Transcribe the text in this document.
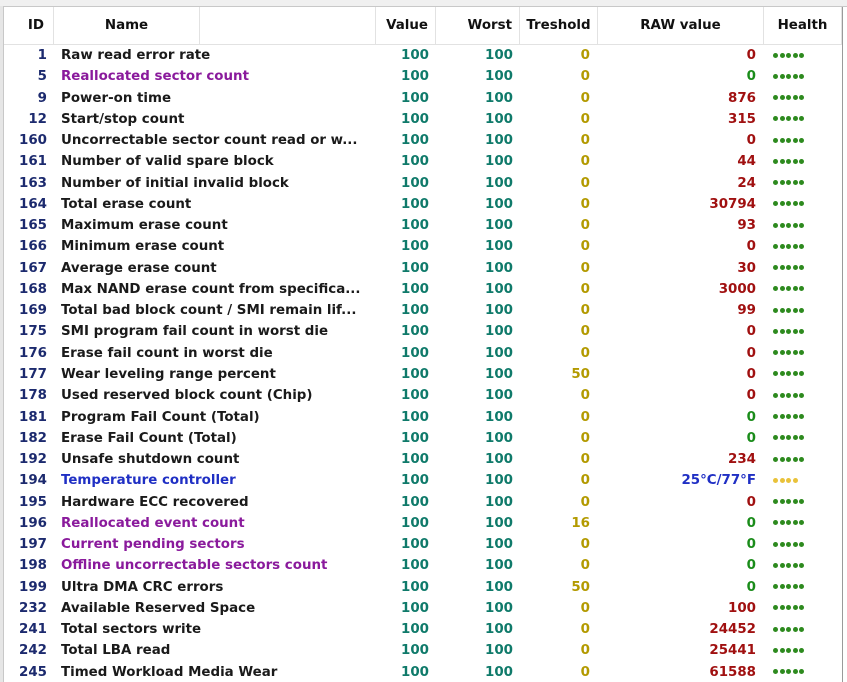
ID	Name	Value	Worst	Treshold	RAW value	Health
1	Raw read error rate	100	100	0	0
5	Reallocated sector count	100	100	0	0
9	Power-on time	100	100	0	876
12	Start/stop count	100	100	0	315
160	Uncorrectable sector count read or w...	100	100	0	0
161	Number of valid spare block	100	100	0	44
163	Number of initial invalid block	100	100	0	24
164	Total erase count	100	100	0	30794
165	Maximum erase count	100	100	0	93
166	Minimum erase count	100	100	0	0
167	Average erase count	100	100	0	30
168	Max NAND erase count from specifica...	100	100	0	3000
169	Total bad block count / SMI remain lif...	100	100	0	99
175	SMI program fail count in worst die	100	100	0	0
176	Erase fail count in worst die	100	100	0	0
177	Wear leveling range percent	100	100	50	0
178	Used reserved block count (Chip)	100	100	0	0
181	Program Fail Count (Total)	100	100	0	0
182	Erase Fail Count (Total)	100	100	0	0
192	Unsafe shutdown count	100	100	0	234
194	Temperature controller	100	100	0	25°C/77°F
195	Hardware ECC recovered	100	100	0	0
196	Reallocated event count	100	100	16	0
197	Current pending sectors	100	100	0	0
198	Offline uncorrectable sectors count	100	100	0	0
199	Ultra DMA CRC errors	100	100	50	0
232	Available Reserved Space	100	100	0	100
241	Total sectors write	100	100	0	24452
242	Total LBA read	100	100	0	25441
245	Timed Workload Media Wear	100	100	0	61588
